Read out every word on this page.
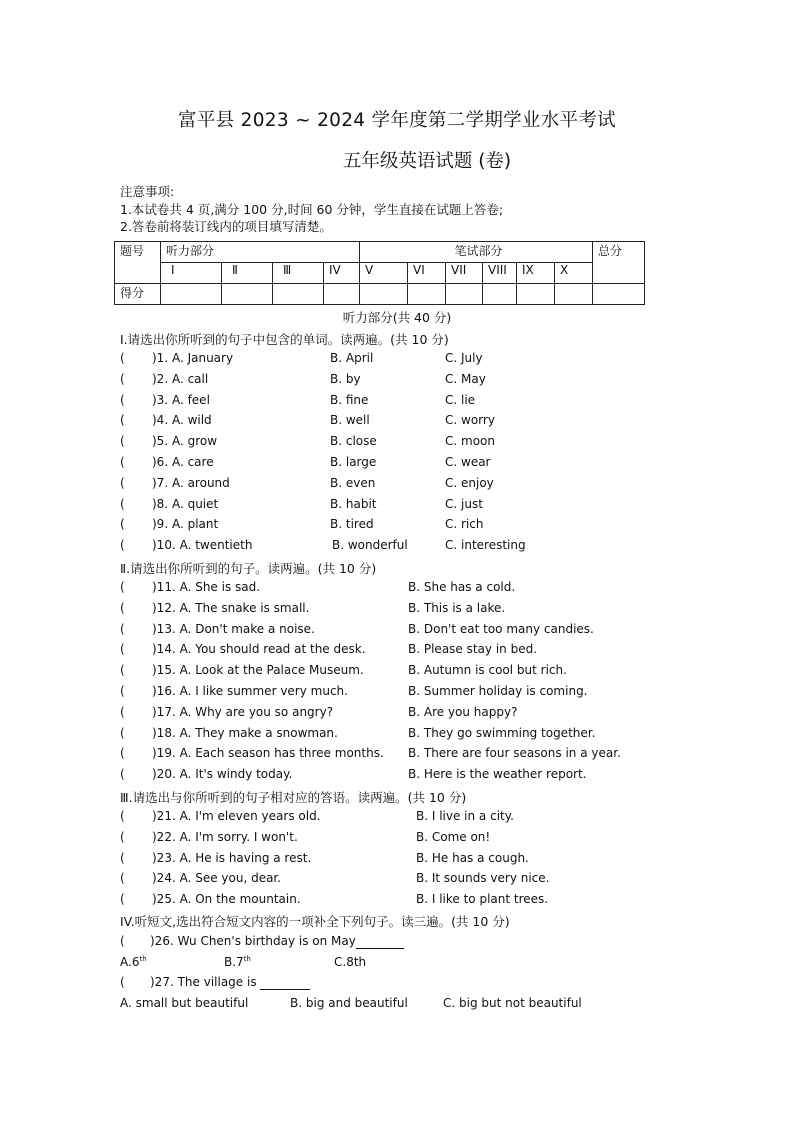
富平县 2023 ~ 2024 学年度第二学期学业水平考试
五年级英语试题 (卷)
注意事项:
1.本试卷共 4 页,满分 100 分,时间 60 分钟，学生直接在试题上答卷;
2.答卷前将装订线内的项目填写清楚。
题号	听力部分				笔试部分						总分
	Ⅰ	Ⅱ	Ⅲ	IV	V	VI	VII	VIII	IX	X	
得分											
听力部分(共 40 分)
I.请选出你所听到的句子中包含的单词。读两遍。(共 10 分)
( )1. A. January	B. April	C. July
( )2. A. call	B. by	C. May
( )3. A. feel	B. fine	C. lie
( )4. A. wild	B. well	C. worry
( )5. A. grow	B. close	C. moon
( )6. A. care	B. large	C. wear
( )7. A. around	B. even	C. enjoy
( )8. A. quiet	B. habit	C. just
( )9. A. plant	B. tired	C. rich
( )10. A. twentieth	B. wonderful	C. interesting
Ⅱ.请选出你所听到的句子。读两遍。(共 10 分)
( )11. A. She is sad.	B. She has a cold.
( )12. A. The snake is small.	B. This is a lake.
( )13. A. Don't make a noise.	B. Don't eat too many candies.
( )14. A. You should read at the desk.	B. Please stay in bed.
( )15. A. Look at the Palace Museum.	B. Autumn is cool but rich.
( )16. A. I like summer very much.	B. Summer holiday is coming.
( )17. A. Why are you so angry?	B. Are you happy?
( )18. A. They make a snowman.	B. They go swimming together.
( )19. A. Each season has three months. B. There are four seasons in a year.
( )20. A. It's windy today.	B. Here is the weather report.
Ⅲ.请选出与你所听到的句子相对应的答语。读两遍。(共 10 分)
( )21. A. I'm eleven years old.	B. I live in a city.
( )22. A. I'm sorry. I won't.	B. Come on!
( )23. A. He is having a rest.	B. He has a cough.
( )24. A. See you, dear.	B. It sounds very nice.
( )25. A. On the mountain.	B. I like to plant trees.
IV.听短文,选出符合短文内容的一项补全下列句子。读三遍。(共 10 分)
( )26. Wu Chen's birthday is on May
A.6th	B.7th	C.8th
( )27. The village is
A. small but beautiful	B. big and beautiful	C. big but not beautiful
